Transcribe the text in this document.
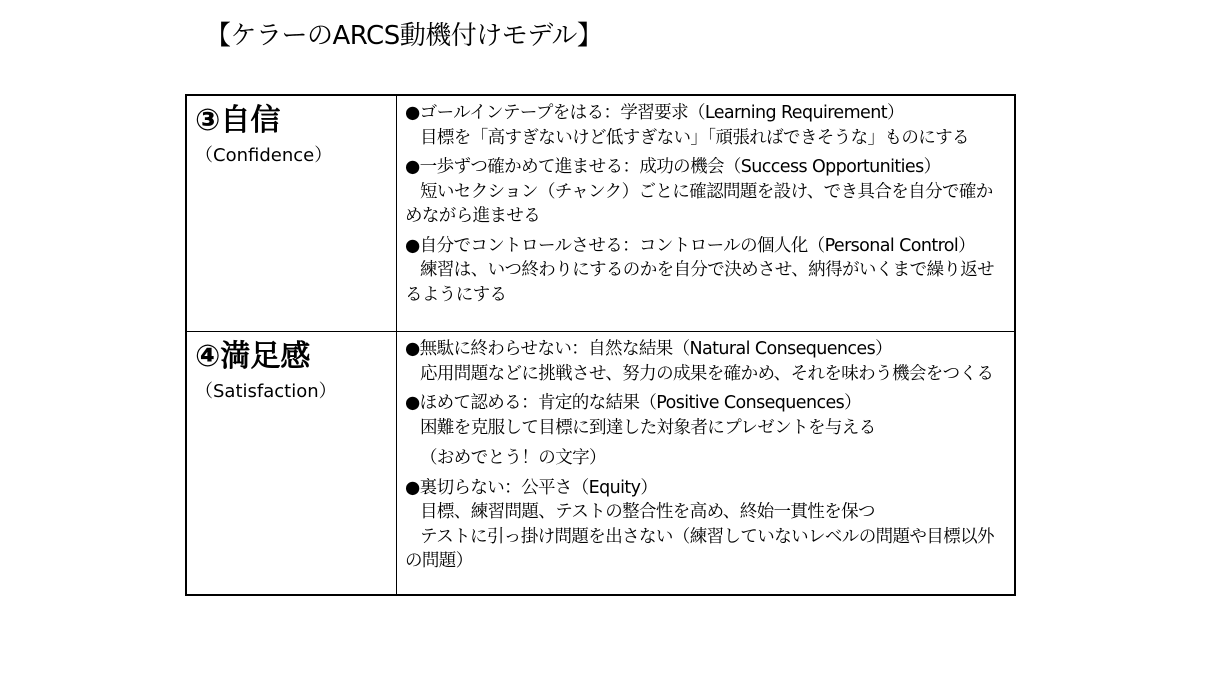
【ケラーのARCS動機付けモデル】
③自信
（Confidence）
●ゴールインテープをはる：学習要求（Learning Requirement）

目標を「高すぎないけど低すぎない」「頑張ればできそうな」ものにする

●一歩ずつ確かめて進ませる：成功の機会（Success Opportunities）

短いセクション（チャンク）ごとに確認問題を設け、でき具合を自分で確かめながら進ませる

●自分でコントロールさせる：コントロールの個人化（Personal Control）

練習は、いつ終わりにするのかを自分で決めさせ、納得がいくまで繰り返せるようにする

④満足感
（Satisfaction）
●無駄に終わらせない：自然な結果（Natural Consequences）

応用問題などに挑戦させ、努力の成果を確かめ、それを味わう機会をつくる

●ほめて認める：肯定的な結果（Positive Consequences）

困難を克服して目標に到達した対象者にプレゼントを与える

（おめでとう！の文字）

●裏切らない：公平さ（Equity）

目標、練習問題、テストの整合性を高め、終始一貫性を保つ

テストに引っ掛け問題を出さない（練習していないレベルの問題や目標以外の問題）
